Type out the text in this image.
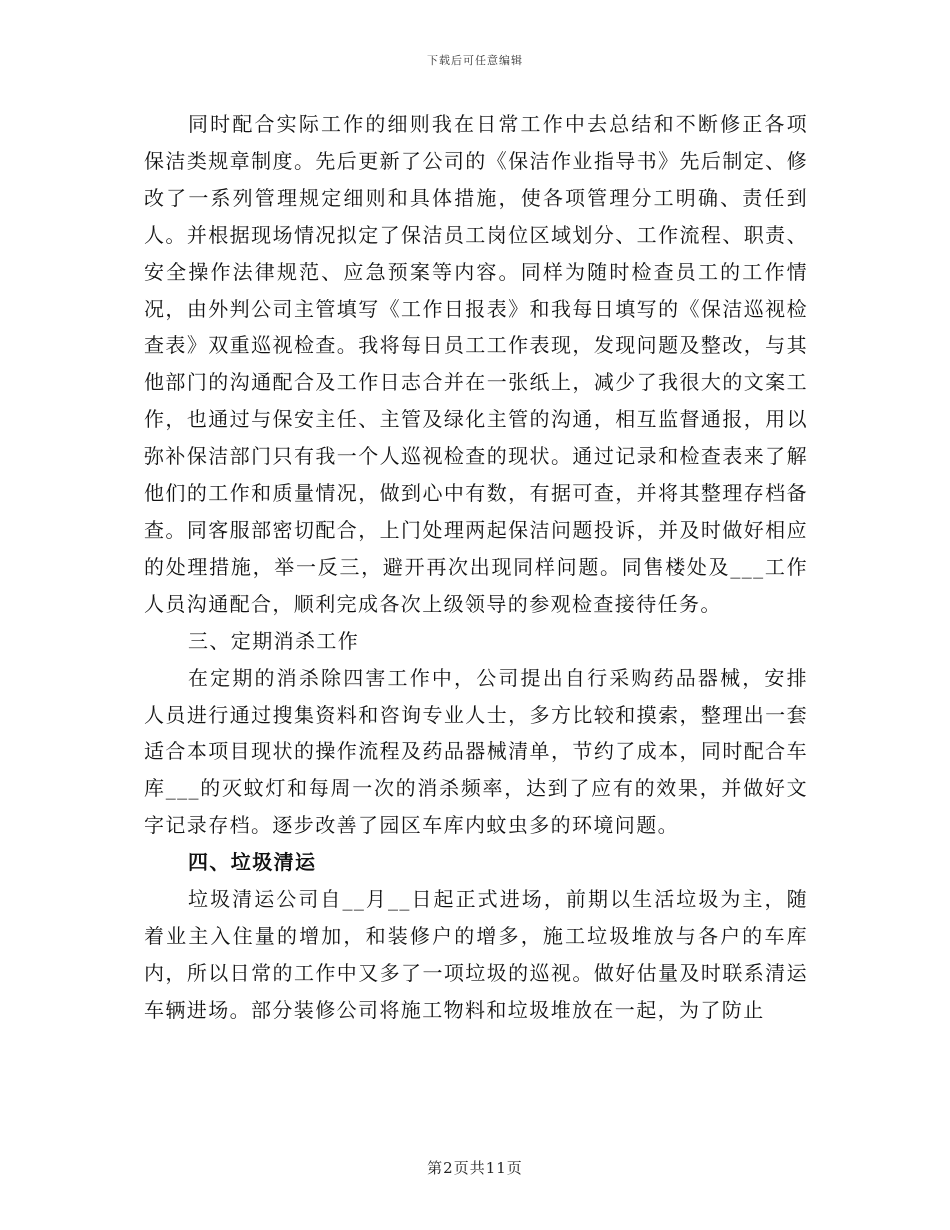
下载后可任意编辑

同时配合实际工作的细则我在日常工作中去总结和不断修正各项保洁类规章制度。先后更新了公司的《保洁作业指导书》先后制定、修改了一系列管理规定细则和具体措施，使各项管理分工明确、责任到人。并根据现场情况拟定了保洁员工岗位区域划分、工作流程、职责、安全操作法律规范、应急预案等内容。同样为随时检查员工的工作情况，由外判公司主管填写《工作日报表》和我每日填写的《保洁巡视检查表》双重巡视检查。我将每日员工工作表现，发现问题及整改，与其他部门的沟通配合及工作日志合并在一张纸上，减少了我很大的文案工作，也通过与保安主任、主管及绿化主管的沟通，相互监督通报，用以弥补保洁部门只有我一个人巡视检查的现状。通过记录和检查表来了解他们的工作和质量情况，做到心中有数，有据可查，并将其整理存档备查。同客服部密切配合，上门处理两起保洁问题投诉，并及时做好相应的处理措施，举一反三，避开再次出现同样问题。同售楼处及___工作人员沟通配合，顺利完成各次上级领导的参观检查接待任务。

三、定期消杀工作

在定期的消杀除四害工作中，公司提出自行采购药品器械，安排人员进行通过搜集资料和咨询专业人士，多方比较和摸索，整理出一套适合本项目现状的操作流程及药品器械清单，节约了成本，同时配合车库___的灭蚊灯和每周一次的消杀频率，达到了应有的效果，并做好文字记录存档。逐步改善了园区车库内蚊虫多的环境问题。

四、垃圾清运

垃圾清运公司自__月__日起正式进场，前期以生活垃圾为主，随着业主入住量的增加，和装修户的增多，施工垃圾堆放与各户的车库内，所以日常的工作中又多了一项垃圾的巡视。做好估量及时联系清运车辆进场。部分装修公司将施工物料和垃圾堆放在一起，为了防止

第2页共11页
